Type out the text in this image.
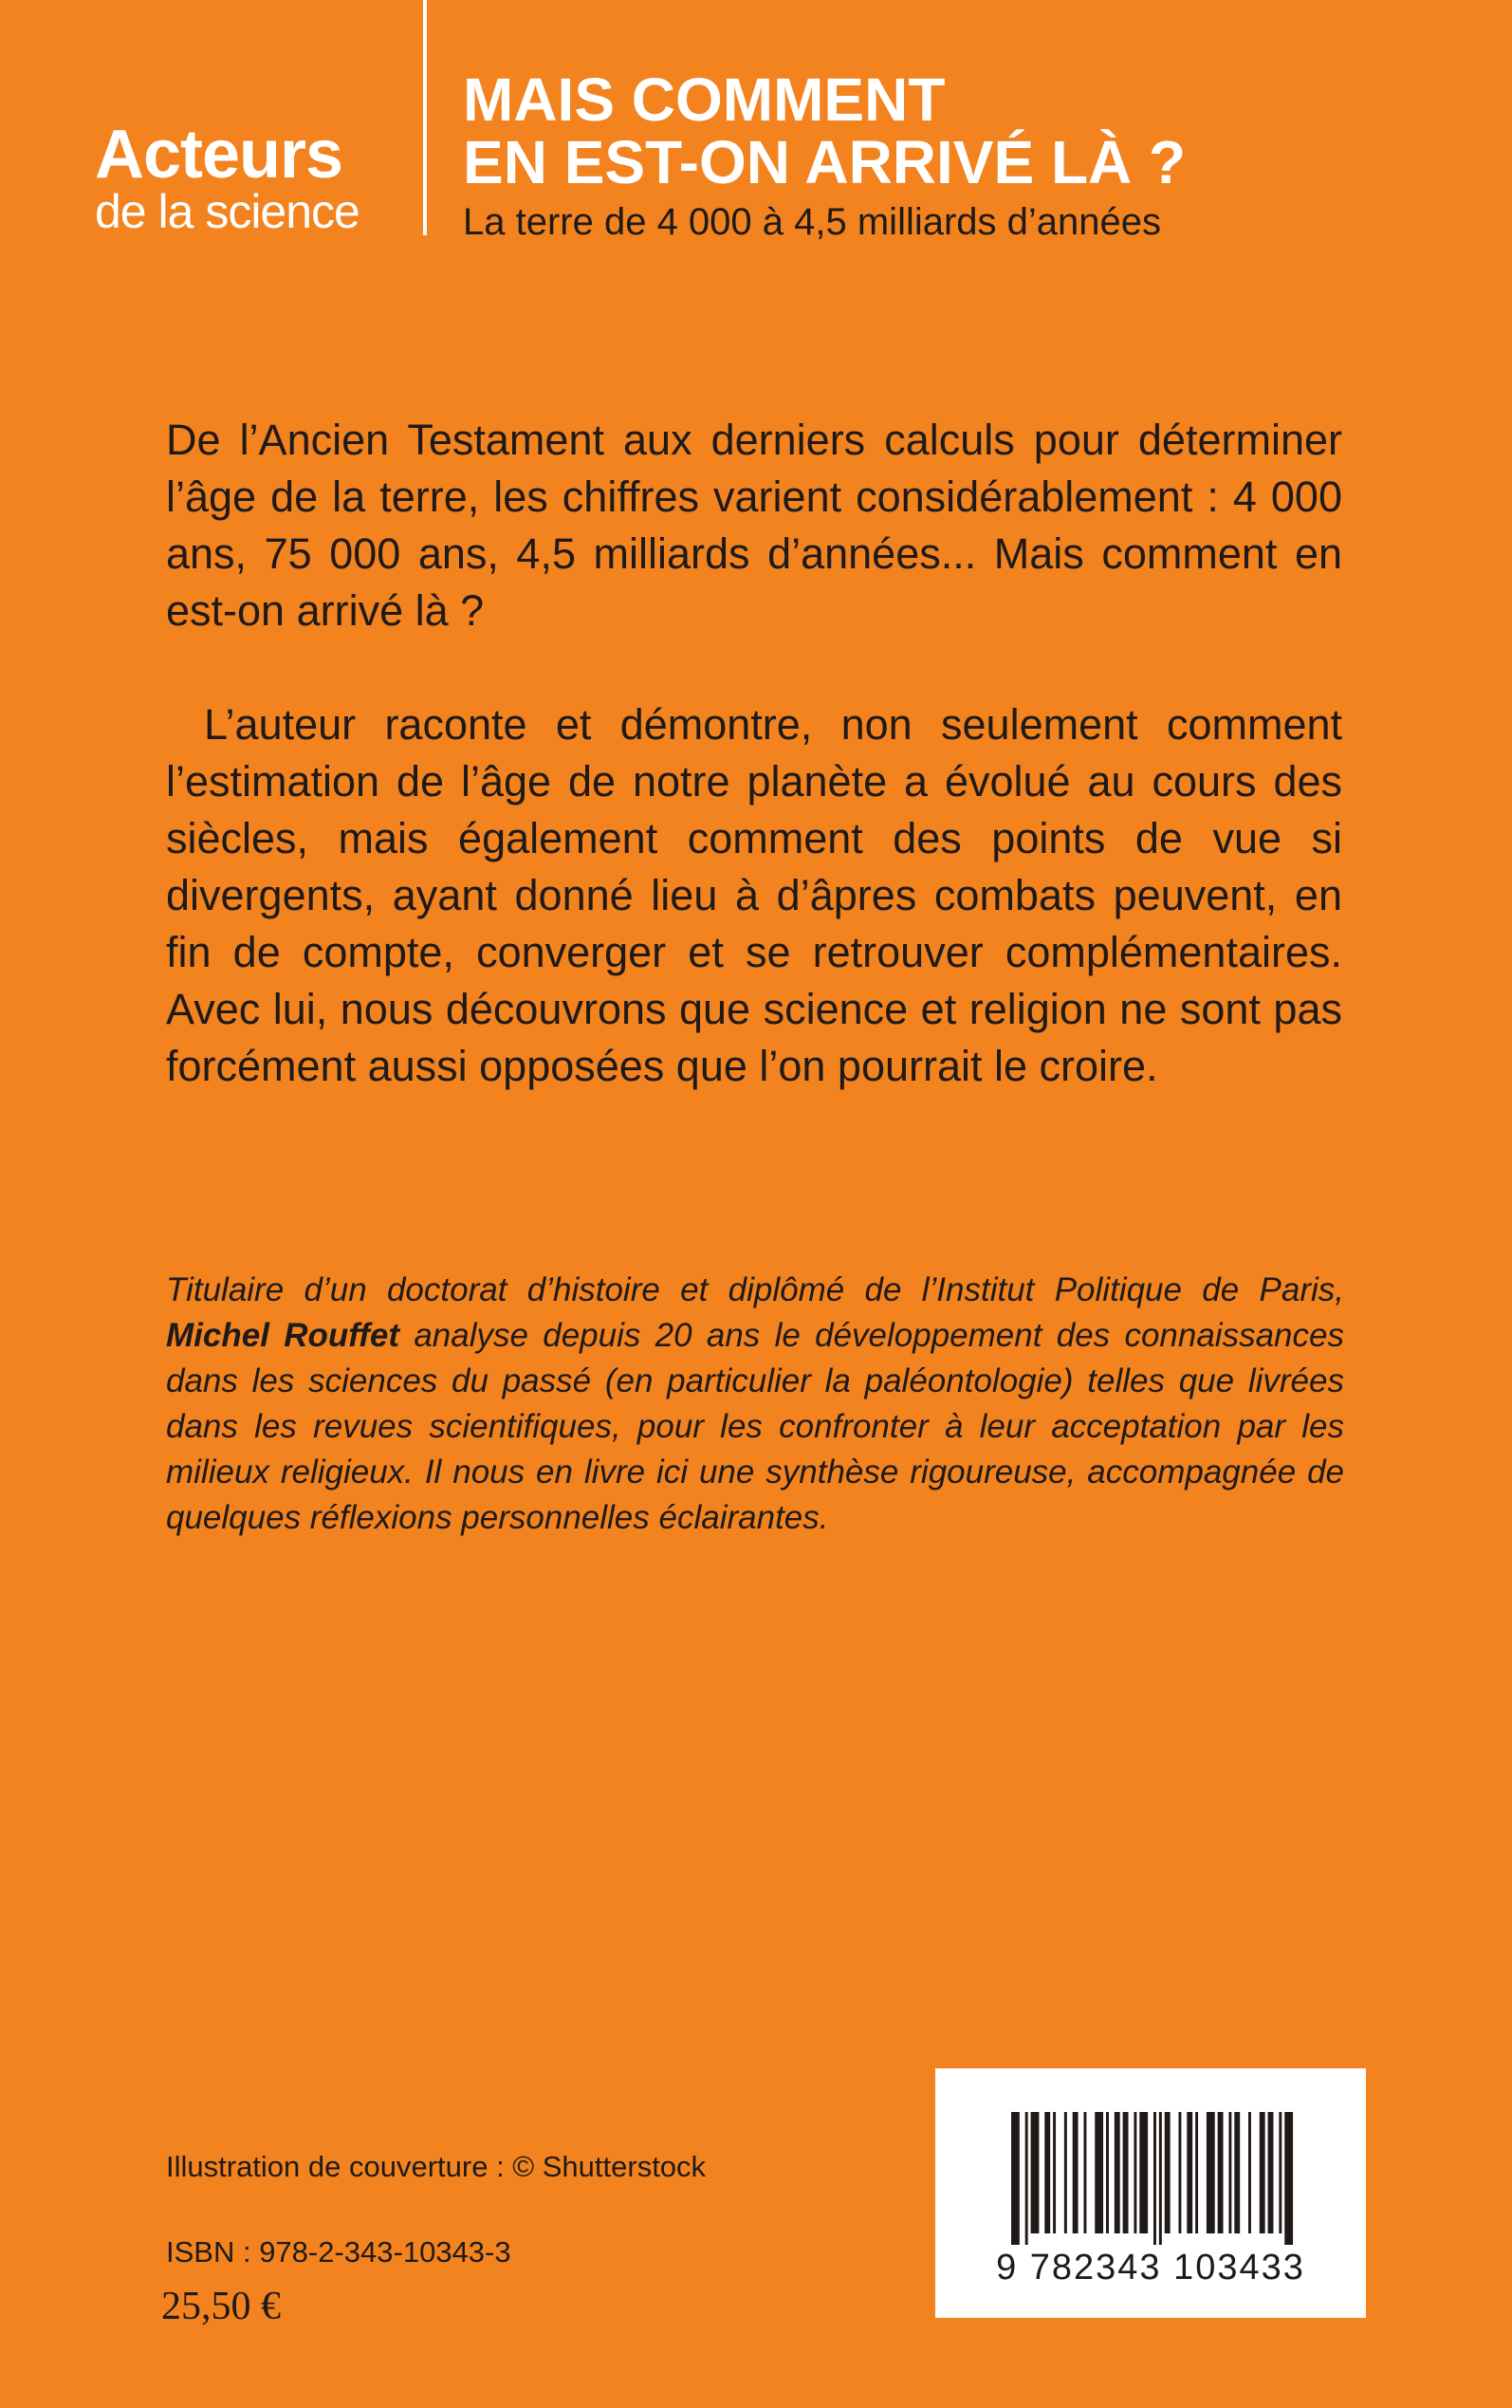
Acteurs
de la science
MAIS COMMENT
EN EST-ON ARRIVÉ LÀ ?
La terre de 4 000 à 4,5 milliards d’années

De l’Ancien Testament aux derniers calculs pour déterminer l’âge de la terre, les chiffres varient considérablement : 4 000 ans, 75 000 ans, 4,5 milliards d’années... Mais comment en est-on arrivé là ?

L’auteur raconte et démontre, non seulement comment l’estimation de l’âge de notre planète a évolué au cours des siècles, mais également comment des points de vue si divergents, ayant donné lieu à d’âpres combats peuvent, en fin de compte, converger et se retrouver complémentaires. Avec lui, nous découvrons que science et religion ne sont pas forcément aussi opposées que l’on pourrait le croire.

Titulaire d’un doctorat d’histoire et diplômé de l’Institut Politique de Paris, Michel Rouffet analyse depuis 20 ans le développement des connaissances dans les sciences du passé (en particulier la paléontologie) telles que livrées dans les revues scientifiques, pour les confronter à leur acceptation par les milieux religieux. Il nous en livre ici une synthèse rigoureuse, accompagnée de quelques réflexions personnelles éclairantes.
Illustration de couverture : © Shutterstock
ISBN : 978-2-343-10343-3
25,50 €
9 782343 103433
